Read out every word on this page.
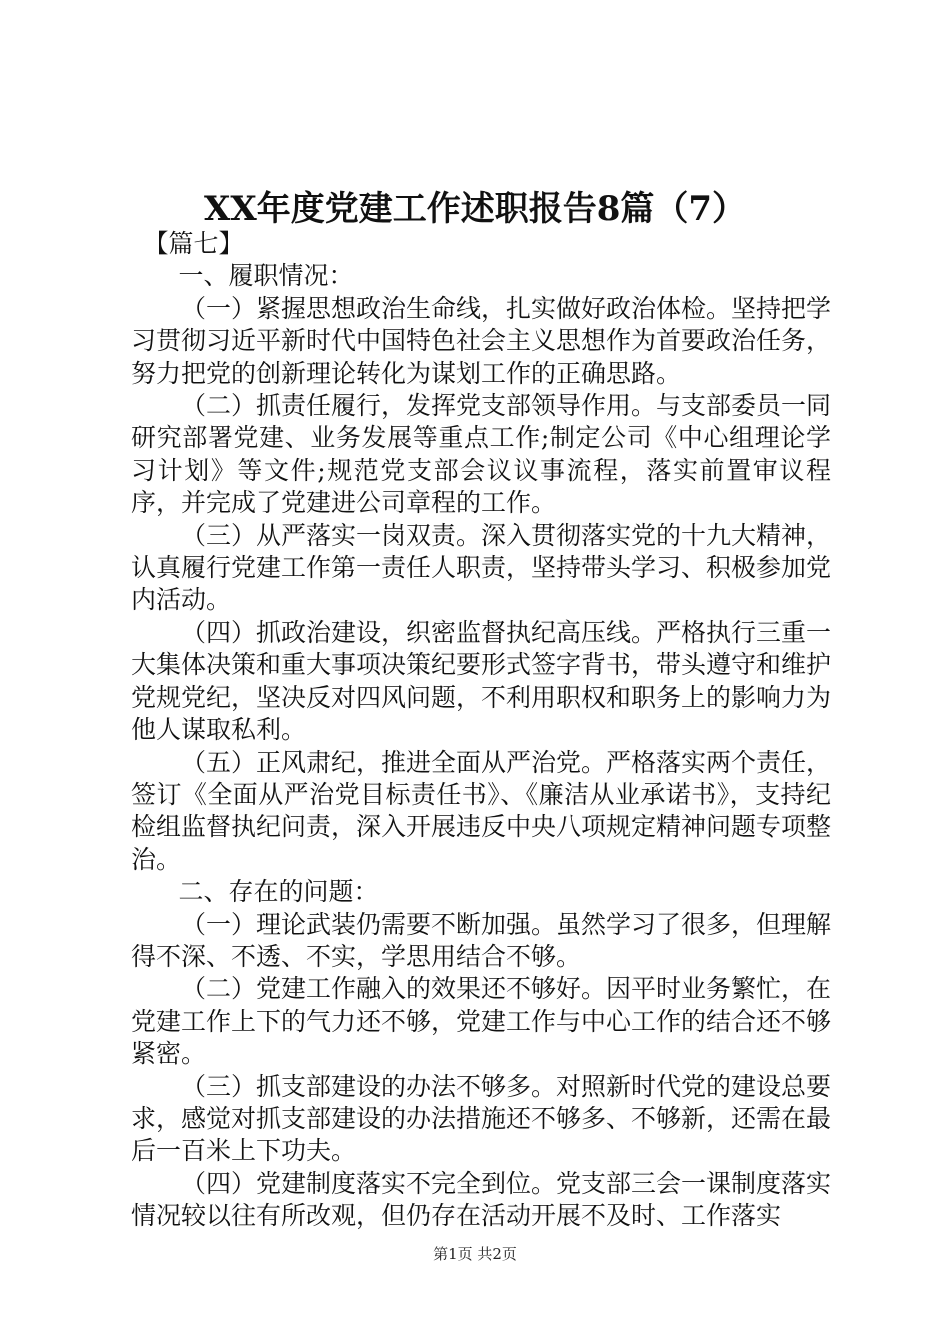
XX年度党建工作述职报告8篇（7）

【篇七】

一、履职情况：

（一）紧握思想政治生命线，扎实做好政治体检。坚持把学习贯彻习近平新时代中国特色社会主义思想作为首要政治任务，努力把党的创新理论转化为谋划工作的正确思路。

（二）抓责任履行，发挥党支部领导作用。与支部委员一同研究部署党建、业务发展等重点工作;制定公司《中心组理论学习计划》等文件;规范党支部会议议事流程，落实前置审议程序，并完成了党建进公司章程的工作。

（三）从严落实一岗双责。深入贯彻落实党的十九大精神，认真履行党建工作第一责任人职责，坚持带头学习、积极参加党内活动。

（四）抓政治建设，织密监督执纪高压线。严格执行三重一大集体决策和重大事项决策纪要形式签字背书，带头遵守和维护党规党纪，坚决反对四风问题，不利用职权和职务上的影响力为他人谋取私利。

（五）正风肃纪，推进全面从严治党。严格落实两个责任，签订《全面从严治党目标责任书》、《廉洁从业承诺书》，支持纪检组监督执纪问责，深入开展违反中央八项规定精神问题专项整治。

二、存在的问题：

（一）理论武装仍需要不断加强。虽然学习了很多，但理解得不深、不透、不实，学思用结合不够。

（二）党建工作融入的效果还不够好。因平时业务繁忙，在党建工作上下的气力还不够，党建工作与中心工作的结合还不够紧密。

（三）抓支部建设的办法不够多。对照新时代党的建设总要求，感觉对抓支部建设的办法措施还不够多、不够新，还需在最后一百米上下功夫。

（四）党建制度落实不完全到位。党支部三会一课制度落实情况较以往有所改观，但仍存在活动开展不及时、工作落实

第1页 共2页
